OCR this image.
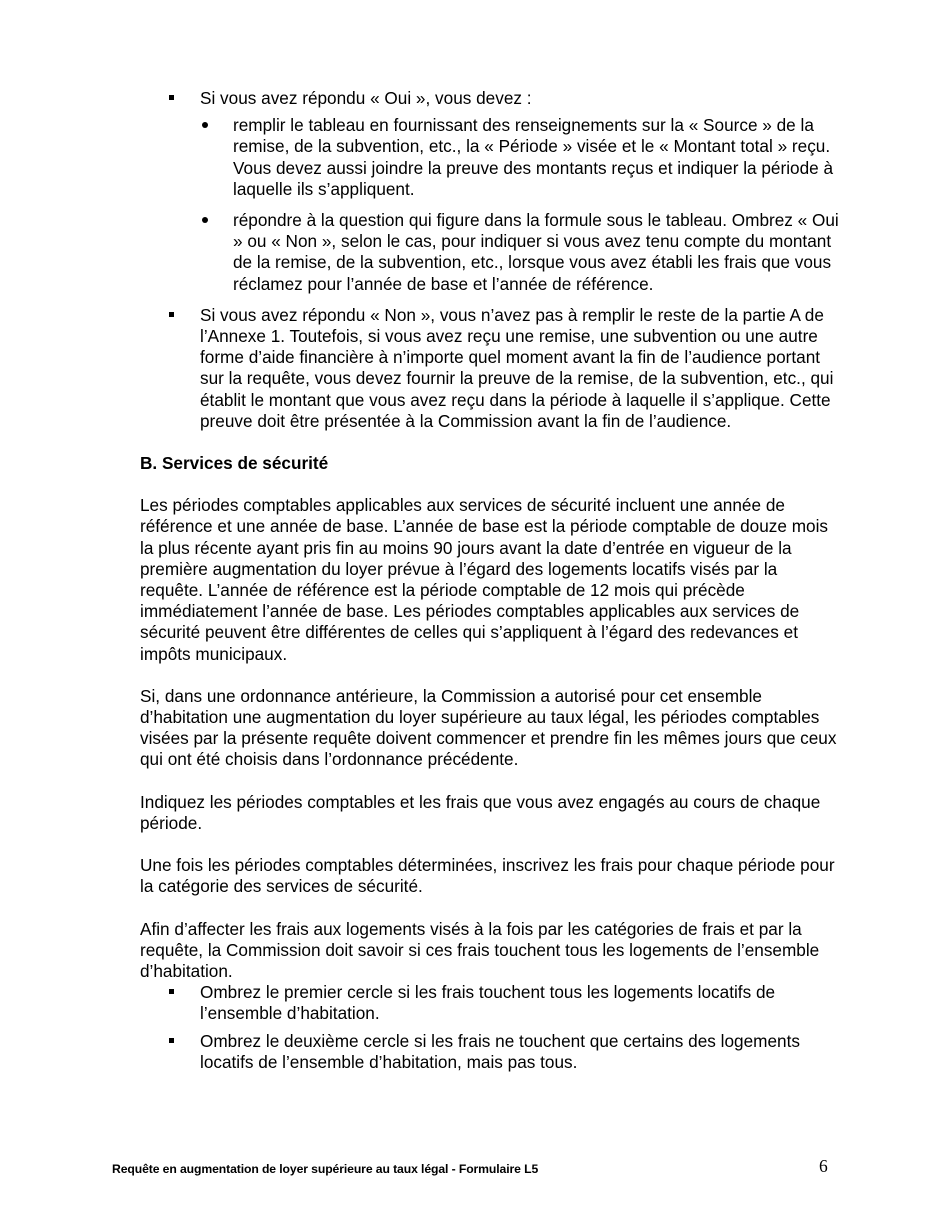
Si vous avez répondu « Oui », vous devez :
remplir le tableau en fournissant des renseignements sur la « Source » de la remise, de la subvention, etc., la « Période » visée et le « Montant total » reçu. Vous devez aussi joindre la preuve des montants reçus et indiquer la période à laquelle ils s’appliquent.
répondre à la question qui figure dans la formule sous le tableau. Ombrez « Oui » ou « Non », selon le cas, pour indiquer si vous avez tenu compte du montant de la remise, de la subvention, etc., lorsque vous avez établi les frais que vous réclamez pour l’année de base et l’année de référence.
Si vous avez répondu « Non », vous n’avez pas à remplir le reste de la partie A de l’Annexe 1. Toutefois, si vous avez reçu une remise, une subvention ou une autre forme d’aide financière à n’importe quel moment avant la fin de l’audience portant sur la requête, vous devez fournir la preuve de la remise, de la subvention, etc., qui établit le montant que vous avez reçu dans la période à laquelle il s’applique. Cette preuve doit être présentée à la Commission avant la fin de l’audience.

B. Services de sécurité

Les périodes comptables applicables aux services de sécurité incluent une année de référence et une année de base. L’année de base est la période comptable de douze mois la plus récente ayant pris fin au moins 90 jours avant la date d’entrée en vigueur de la première augmentation du loyer prévue à l’égard des logements locatifs visés par la requête. L’année de référence est la période comptable de 12 mois qui précède immédiatement l’année de base. Les périodes comptables applicables aux services de sécurité peuvent être différentes de celles qui s’appliquent à l’égard des redevances et impôts municipaux.

Si, dans une ordonnance antérieure, la Commission a autorisé pour cet ensemble d’habitation une augmentation du loyer supérieure au taux légal, les périodes comptables visées par la présente requête doivent commencer et prendre fin les mêmes jours que ceux qui ont été choisis dans l’ordonnance précédente.

Indiquez les périodes comptables et les frais que vous avez engagés au cours de chaque période.

Une fois les périodes comptables déterminées, inscrivez les frais pour chaque période pour la catégorie des services de sécurité.

Afin d’affecter les frais aux logements visés à la fois par les catégories de frais et par la requête, la Commission doit savoir si ces frais touchent tous les logements de l’ensemble d’habitation.

Ombrez le premier cercle si les frais touchent tous les logements locatifs de l’ensemble d’habitation.
Ombrez le deuxième cercle si les frais ne touchent que certains des logements locatifs de l’ensemble d’habitation, mais pas tous.
Requête en augmentation de loyer supérieure au taux légal - Formulaire L5	6
